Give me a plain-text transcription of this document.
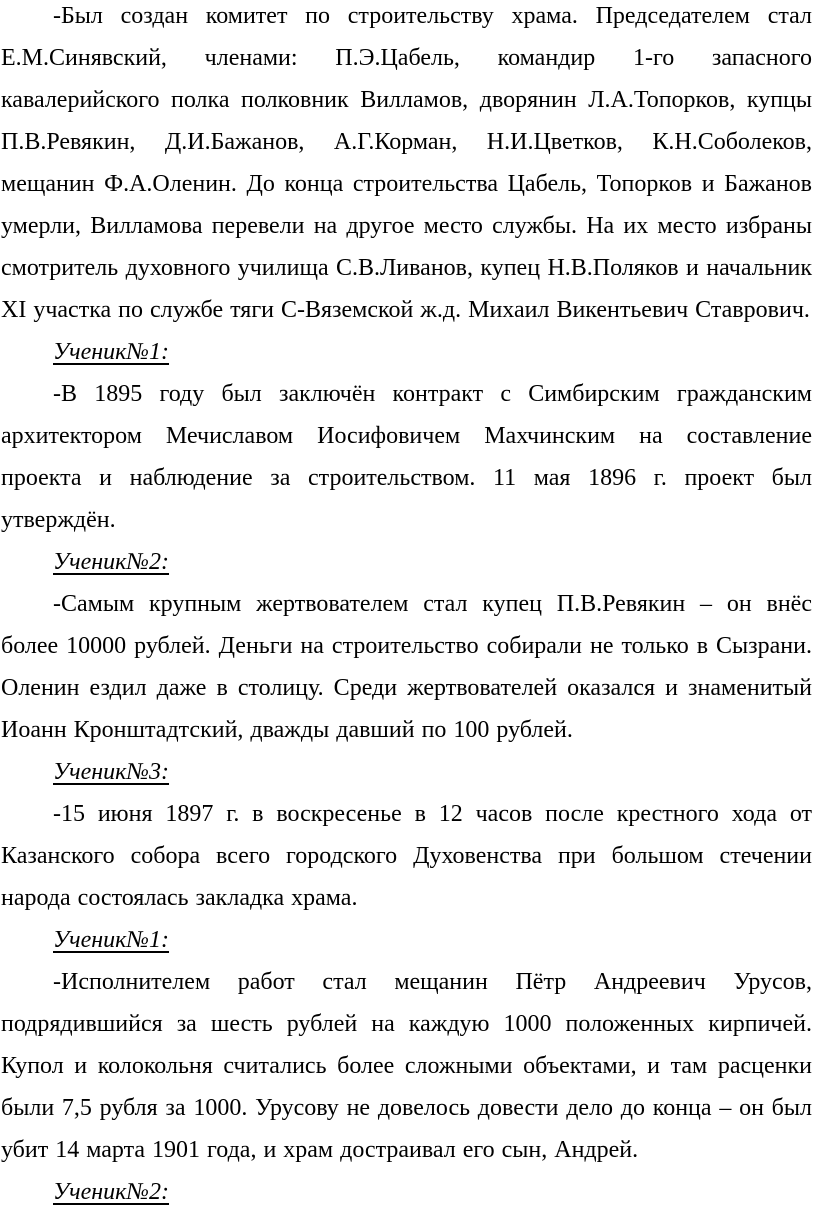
-Был создан комитет по строительству храма. Председателем стал Е.М.Синявский, членами: П.Э.Цабель, командир 1-го запасного кавалерийского полка полковник Вилламов, дворянин Л.А.Топорков, купцы П.В.Ревякин, Д.И.Бажанов, А.Г.Корман, Н.И.Цветков, К.Н.Соболеков, мещанин Ф.А.Оленин. До конца строительства Цабель, Топорков и Бажанов умерли, Вилламова перевели на другое место службы. На их место избраны смотритель духовного училища С.В.Ливанов, купец Н.В.Поляков и начальник XI участка по службе тяги С-Вяземской ж.д. Михаил Викентьевич Ставрович.

Ученик№1:

-В 1895 году был заключён контракт с Симбирским гражданским архитектором Мечиславом Иосифовичем Махчинским на составление проекта и наблюдение за строительством. 11 мая 1896 г. проект был утверждён.

Ученик№2:

-Самым крупным жертвователем стал купец П.В.Ревякин – он внёс более 10000 рублей. Деньги на строительство собирали не только в Сызрани. Оленин ездил даже в столицу. Среди жертвователей оказался и знаменитый Иоанн Кронштадтский, дважды давший по 100 рублей.

Ученик№3:

-15 июня 1897 г. в воскресенье в 12 часов после крестного хода от Казанского собора всего городского Духовенства при большом стечении народа состоялась закладка храма.

Ученик№1:

-Исполнителем работ стал мещанин Пётр Андреевич Урусов, подрядившийся за шесть рублей на каждую 1000 положенных кирпичей. Купол и колокольня считались более сложными объектами, и там расценки были 7,5 рубля за 1000. Урусову не довелось довести дело до конца – он был убит 14 марта 1901 года, и храм достраивал его сын, Андрей.

Ученик№2:
